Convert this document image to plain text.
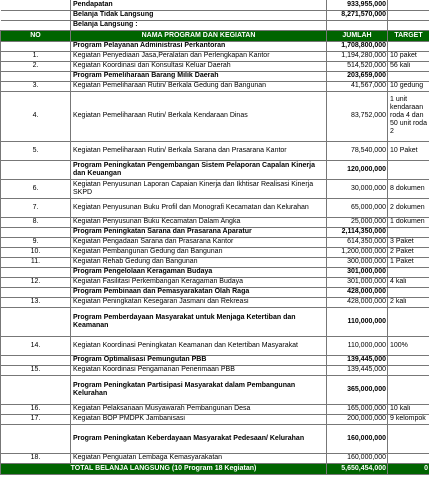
	Pendapatan	933,955,000	
	Belanja Tidak Langsung	8,271,570,000	
	Belanja Langsung :		
NO	NAMA PROGRAM DAN KEGIATAN	JUMLAH	TARGET
	Program Pelayanan Administrasi Perkantoran	1,708,800,000	
1.	Kegiatan Penyediaan Jasa,Peralatan dan Perlengkapan Kantor	1,194,280,000	10 paket
2.	Kegiatan Koordinasi dan Konsultasi Keluar Daerah	514,520,000	56 kali
	Program Pemeliharaan Barang Milik Daerah	203,659,000	
3.	Kegiatan Pemeliharaan Rutin/ Berkala Gedung dan Bangunan	41,567,000	10 gedung
4.	Kegiatan Pemeliharaan Rutin/ Berkala Kendaraan Dinas	83,752,000	1 unit kendaraan roda 4 dan 50 unit roda 2
5.	Kegiatan Pemeliharaan Rutin/ Berkala Sarana dan Prasarana Kantor	78,540,000	10 Paket
	Program Peningkatan Pengembangan Sistem Pelaporan Capalan Kinerja dan Keuangan	120,000,000	
6.	Kegiatan Penyusunan Laporan Capaian Kinerja dan Ikhtisar Realisasi Kinerja SKPD	30,000,000	8 dokumen
7.	Kegiatan Penyusunan Buku Profil dan Monografi Kecamatan dan Kelurahan	65,000,000	2 dokumen
8.	Kegiatan Penyusunan Buku Kecamatan Dalam Angka	25,000,000	1 dokumen
	Program Peningkatan Sarana dan Prasarana Aparatur	2,114,350,000	
9.	Kegiatan Pengadaan Sarana dan Prasarana Kantor	614,350,000	3 Paket
10.	Kegiatan Pembangunan Gedung dan Bangunan	1,200,000,000	2 Paket
11.	Kegiatan Rehab Gedung dan Bangunan	300,000,000	1 Paket
	Program Pengelolaan Keragaman Budaya	301,000,000	
12.	Kegiatan Fasilitasi Perkembangan Keragaman Budaya	301,000,000	4 kali
	Program Pembinaan dan Pemasyarakatan Olah Raga	428,000,000	
13.	Kegiatan Peningkatan Kesegaran Jasmani dan Rekreasi	428,000,000	2 kali
	Program Pemberdayaan Masyarakat untuk Menjaga Ketertiban dan Keamanan	110,000,000	
14.	Kegiatan Koordinasi Peningkatan Keamanan dan Ketertiban Masyarakat	110,000,000	100%
	Program Optimalisasi Pemungutan PBB	139,445,000	
15.	Kegiatan Koordinasi Pengamanan Penerimaan PBB	139,445,000	
	Program Peningkatan Partisipasi Masyarakat dalam Pembangunan Kelurahan	365,000,000	
16.	Kegiatan Pelaksanaan Musyawarah Pembangunan Desa	165,000,000	10 kali
17.	Kegiatan BOP PMDPK Jambanisasi	200,000,000	9 kelompok
	Program Peningkatan Keberdayaan Masyarakat Pedesaan/ Kelurahan	160,000,000	
18.	Kegiatan Penguatan Lembaga Kemasyarakatan	160,000,000	
TOTAL BELANJA LANGSUNG (10 Program 18 Kegiatan)		5,650,454,000	0
